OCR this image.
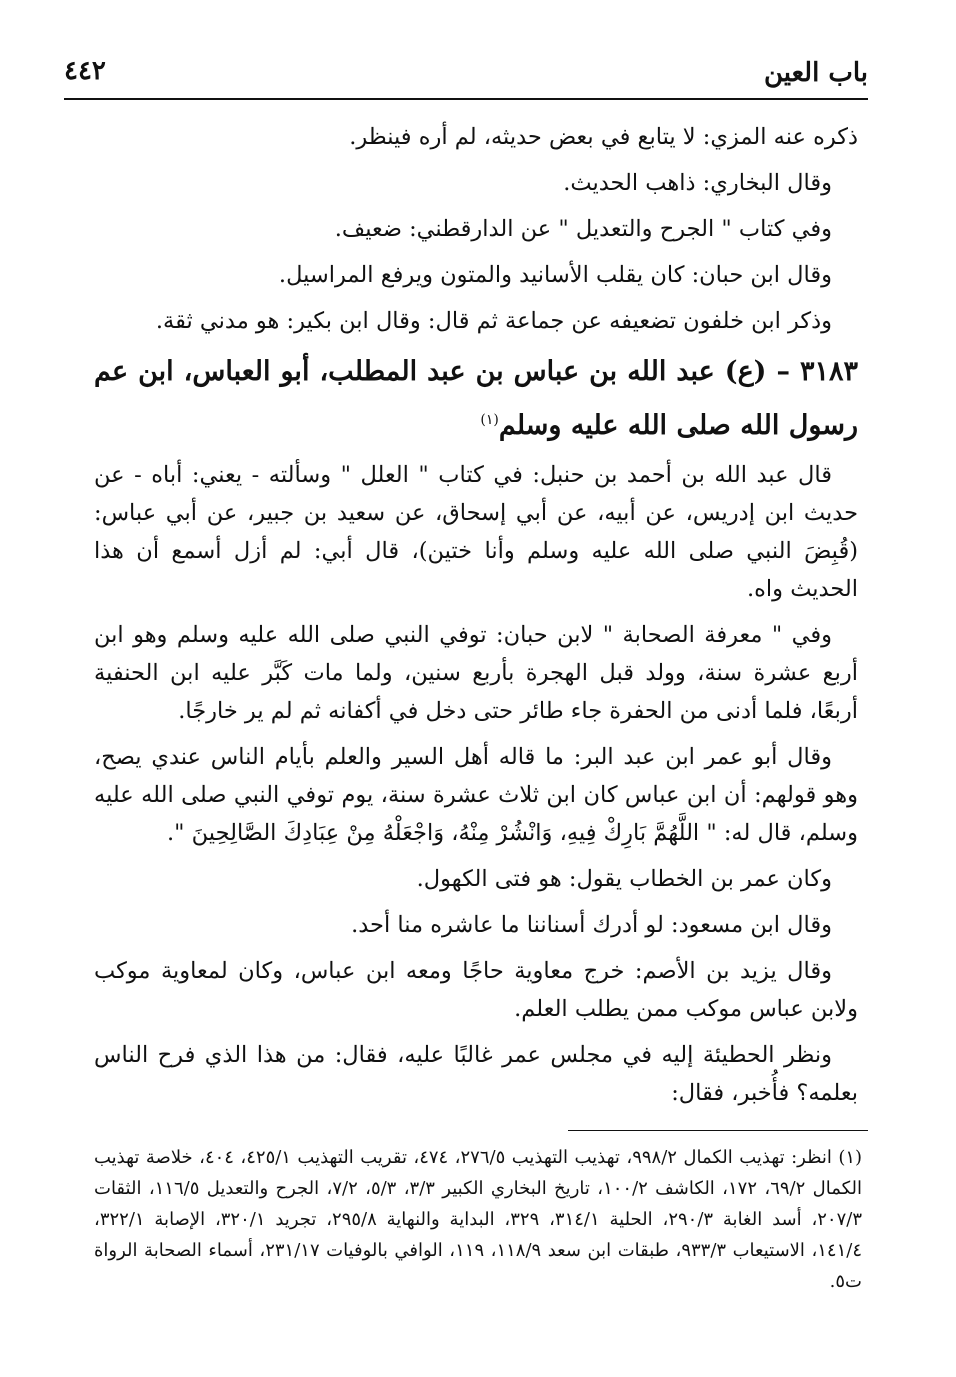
باب العين
٤٤٢

ذكره عنه المزي: لا يتابع في بعض حديثه، لم أره فينظر.

وقال البخاري: ذاهب الحديث.

وفي كتاب " الجرح والتعديل " عن الدارقطني: ضعيف.

وقال ابن حبان: كان يقلب الأسانيد والمتون ويرفع المراسيل.

وذكر ابن خلفون تضعيفه عن جماعة ثم قال: وقال ابن بكير: هو مدني ثقة.

٣١٨٣ – (ع) عبد الله بن عباس بن عبد المطلب، أبو العباس، ابن عم رسول الله صلى الله عليه وسلم$^{(١)}$

قال عبد الله بن أحمد بن حنبل: في كتاب " العلل " وسألته - يعني: أباه - عن حديث ابن إدريس، عن أبيه، عن أبي إسحاق، عن سعيد بن جبير، عن أبي عباس: (قُبِضَ النبي صلى الله عليه وسلم وأنا ختين)، قال أبي: لم أزل أسمع أن هذا الحديث واه.

وفي " معرفة الصحابة " لابن حبان: توفي النبي صلى الله عليه وسلم وهو ابن أربع عشرة سنة، وولد قبل الهجرة بأربع سنين، ولما مات كَبَّر عليه ابن الحنفية أربعًا، فلما أدنى من الحفرة جاء طائر حتى دخل في أكفانه ثم لم ير خارجًا.

وقال أبو عمر ابن عبد البر: ما قاله أهل السير والعلم بأيام الناس عندي يصح، وهو قولهم: أن ابن عباس كان ابن ثلاث عشرة سنة، يوم توفي النبي صلى الله عليه وسلم، قال له: " اللَّهُمَّ بَارِكْ فِيهِ، وَانْشُرْ مِنْهُ، وَاجْعَلْهُ مِنْ عِبَادِكَ الصَّالِحِينَ ".

وكان عمر بن الخطاب يقول: هو فتى الكهول.

وقال ابن مسعود: لو أدرك أسناننا ما عاشره منا أحد.

وقال يزيد بن الأصم: خرج معاوية حاجًا ومعه ابن عباس، وكان لمعاوية موكب ولابن عباس موكب ممن يطلب العلم.

ونظر الحطيئة إليه في مجلس عمر غالبًا عليه، فقال: من هذا الذي فرح الناس بعلمه؟ فأُخبر، فقال:

(١) انظر: تهذيب الكمال ٩٩٨/٢، تهذيب التهذيب ٢٧٦/٥، ٤٧٤، تقريب التهذيب ٤٢٥/١، ٤٠٤، خلاصة تهذيب الكمال ٦٩/٢، ١٧٢، الكاشف ١٠٠/٢، تاريخ البخاري الكبير ٣/٣، ٥/٣، ٧/٢، الجرح والتعديل ١١٦/٥، الثقات ٢٠٧/٣، أسد الغابة ٢٩٠/٣، الحلية ٣١٤/١، ٣٢٩، البداية والنهاية ٢٩٥/٨، تجريد ٣٢٠/١، الإصابة ٣٢٢/١، ١٤١/٤، الاستيعاب ٩٣٣/٣، طبقات ابن سعد ١١٨/٩، ١١٩، الوافي بالوفيات ٢٣١/١٧، أسماء الصحابة الرواة ت٥.
